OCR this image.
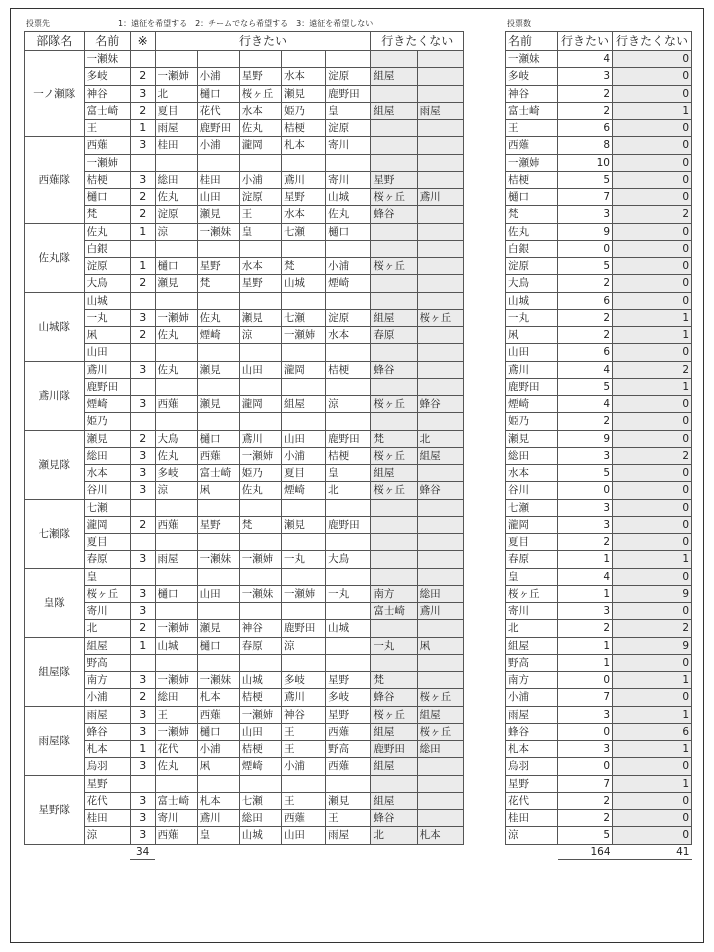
投票先	1：遠征を希望する　2：チームでなら希望する　3：遠征を希望しない	投票数
部隊名	名前	※	行きたい					行きたくない	
一ノ瀬隊	一瀬妹								
	多岐	2	一瀬姉	小浦	星野	水本	淀原	組屋	
	神谷	3	北	樋口	桜ヶ丘	瀬見	鹿野田		
	富士崎	2	夏目	花代	水本	姫乃	皇	組屋	雨屋
	王	1	雨屋	鹿野田	佐丸	桔梗	淀原		
西薙隊	西薙	3	桂田	小浦	瀧岡	札本	寄川		
	一瀬姉								
	桔梗	3	総田	桂田	小浦	鳶川	寄川	星野	
	樋口	2	佐丸	山田	淀原	星野	山城	桜ヶ丘	鳶川
	梵	2	淀原	瀬見	王	水本	佐丸	蜂谷	
佐丸隊	佐丸	1	涼	一瀬妹	皇	七瀬	樋口		
	白銀								
	淀原	1	樋口	星野	水本	梵	小浦	桜ヶ丘	
	大鳥	2	瀬見	梵	星野	山城	煙崎		
山城隊	山城								
	一丸	3	一瀬姉	佐丸	瀬見	七瀬	淀原	組屋	桜ヶ丘
	凩	2	佐丸	煙崎	涼	一瀬姉	水本	春原	
	山田								
鳶川隊	鳶川	3	佐丸	瀬見	山田	瀧岡	桔梗	蜂谷	
	鹿野田								
	煙崎	3	西薙	瀬見	瀧岡	組屋	涼	桜ヶ丘	蜂谷
	姫乃								
瀬見隊	瀬見	2	大鳥	樋口	鳶川	山田	鹿野田	梵	北
	総田	3	佐丸	西薙	一瀬姉	小浦	桔梗	桜ヶ丘	組屋
	水本	3	多岐	富士崎	姫乃	夏目	皇	組屋	
	谷川	3	涼	凩	佐丸	煙崎	北	桜ヶ丘	蜂谷
七瀬隊	七瀬								
	瀧岡	2	西薙	星野	梵	瀬見	鹿野田		
	夏目								
	春原	3	雨屋	一瀬妹	一瀬姉	一丸	大鳥		
皇隊	皇								
	桜ヶ丘	3	樋口	山田	一瀬妹	一瀬姉	一丸	南方	総田
	寄川	3						富士崎	鳶川
	北	2	一瀬姉	瀬見	神谷	鹿野田	山城		
組屋隊	組屋	1	山城	樋口	春原	涼		一丸	凩
	野高								
	南方	3	一瀬姉	一瀬妹	山城	多岐	星野	梵	
	小浦	2	総田	札本	桔梗	鳶川	多岐	蜂谷	桜ヶ丘
雨屋隊	雨屋	3	王	西薙	一瀬姉	神谷	星野	桜ヶ丘	組屋
	蜂谷	3	一瀬姉	樋口	山田	王	西薙	組屋	桜ヶ丘
	札本	1	花代	小浦	桔梗	王	野高	鹿野田	総田
	烏羽	3	佐丸	凩	煙崎	小浦	西薙	組屋	
星野隊	星野								
	花代	3	富士崎	札本	七瀬	王	瀬見	組屋	
	桂田	3	寄川	鳶川	総田	西薙	王	蜂谷	
	涼	3	西薙	皇	山城	山田	雨屋	北	札本
		34							
名前	行きたい	行きたくない
一瀬妹	4	0
多岐	3	0
神谷	2	0
富士崎	2	1
王	6	0
西薙	8	0
一瀬姉	10	0
桔梗	5	0
樋口	7	0
梵	3	2
佐丸	9	0
白銀	0	0
淀原	5	0
大鳥	2	0
山城	6	0
一丸	2	1
凩	2	1
山田	6	0
鳶川	4	2
鹿野田	5	1
煙崎	4	0
姫乃	2	0
瀬見	9	0
総田	3	2
水本	5	0
谷川	0	0
七瀬	3	0
瀧岡	3	0
夏目	2	0
春原	1	1
皇	4	0
桜ヶ丘	1	9
寄川	3	0
北	2	2
組屋	1	9
野高	1	0
南方	0	1
小浦	7	0
雨屋	3	1
蜂谷	0	6
札本	3	1
烏羽	0	0
星野	7	1
花代	2	0
桂田	2	0
涼	5	0
	164	41
